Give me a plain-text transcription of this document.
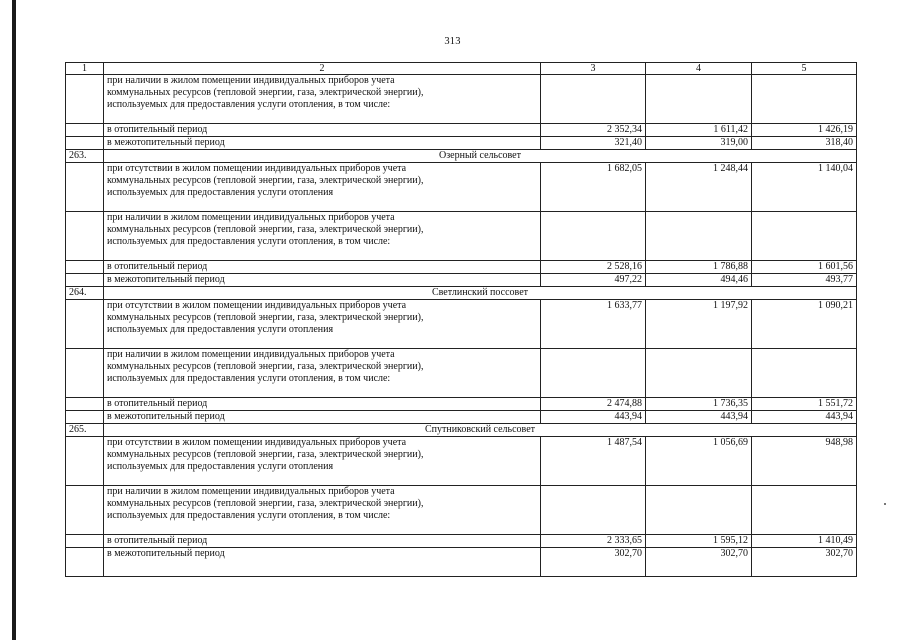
313
1	2	3	4	5
	при наличии в жилом помещении индивидуальных приборов учета
коммунальных ресурсов (тепловой энергии, газа, электрической энергии),
используемых для предоставления услуги отопления, в том числе:			
	в отопительный период	2 352,34	1 611,42	1 426,19
	в межотопительный период	321,40	319,00	318,40
263.	Озерный сельсовет			
	при отсутствии в жилом помещении индивидуальных приборов учета
коммунальных ресурсов (тепловой энергии, газа, электрической энергии),
используемых для предоставления услуги отопления	1 682,05	1 248,44	1 140,04
	при наличии в жилом помещении индивидуальных приборов учета
коммунальных ресурсов (тепловой энергии, газа, электрической энергии),
используемых для предоставления услуги отопления, в том числе:			
	в отопительный период	2 528,16	1 786,88	1 601,56
	в межотопительный период	497,22	494,46	493,77
264.	Светлинский поссовет			
	при отсутствии в жилом помещении индивидуальных приборов учета
коммунальных ресурсов (тепловой энергии, газа, электрической энергии),
используемых для предоставления услуги отопления	1 633,77	1 197,92	1 090,21
	при наличии в жилом помещении индивидуальных приборов учета
коммунальных ресурсов (тепловой энергии, газа, электрической энергии),
используемых для предоставления услуги отопления, в том числе:			
	в отопительный период	2 474,88	1 736,35	1 551,72
	в межотопительный период	443,94	443,94	443,94
265.	Спутниковский сельсовет			
	при отсутствии в жилом помещении индивидуальных приборов учета
коммунальных ресурсов (тепловой энергии, газа, электрической энергии),
используемых для предоставления услуги отопления	1 487,54	1 056,69	948,98
	при наличии в жилом помещении индивидуальных приборов учета
коммунальных ресурсов (тепловой энергии, газа, электрической энергии),
используемых для предоставления услуги отопления, в том числе:			
	в отопительный период	2 333,65	1 595,12	1 410,49
	в межотопительный период	302,70	302,70	302,70
